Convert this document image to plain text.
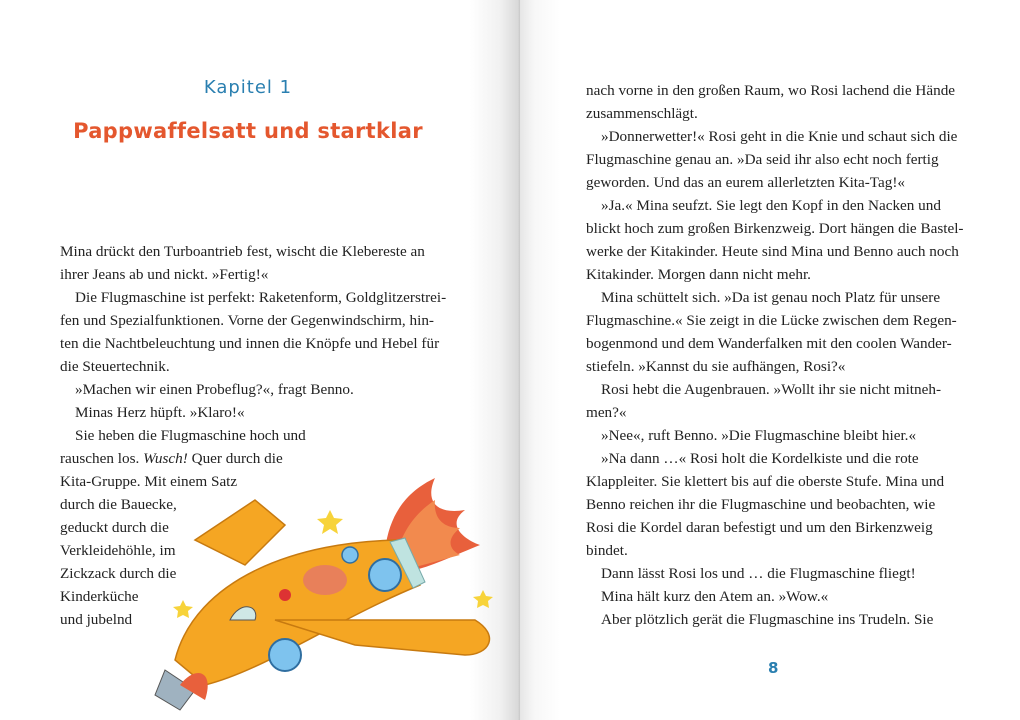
Kapitel 1
Pappwaffelsatt und startklar
Mina drückt den Turboantrieb fest, wischt die Klebereste an
ihrer Jeans ab und nickt. »Fertig!«
Die Flugmaschine ist perfekt: Raketenform, Goldglitzerstrei-
fen und Spezialfunktionen. Vorne der Gegenwindschirm, hin-
ten die Nachtbeleuchtung und innen die Knöpfe und Hebel für
die Steuertechnik.
»Machen wir einen Probeflug?«, fragt Benno.
Minas Herz hüpft. »Klaro!«
Sie heben die Flugmaschine hoch und
rauschen los. Wusch! Quer durch die
Kita-Gruppe. Mit einem Satz
durch die Bauecke,
geduckt durch die
Verkleidehöhle, im
Zickzack durch die
Kinderküche
und jubelnd
nach vorne in den großen Raum, wo Rosi lachend die Hände
zusammenschlägt.
»Donnerwetter!« Rosi geht in die Knie und schaut sich die
Flugmaschine genau an. »Da seid ihr also echt noch fertig
geworden. Und das an eurem allerletzten Kita-Tag!«
»Ja.« Mina seufzt. Sie legt den Kopf in den Nacken und
blickt hoch zum großen Birkenzweig. Dort hängen die Bastel-
werke der Kitakinder. Heute sind Mina und Benno auch noch
Kitakinder. Morgen dann nicht mehr.
Mina schüttelt sich. »Da ist genau noch Platz für unsere
Flugmaschine.« Sie zeigt in die Lücke zwischen dem Regen-
bogenmond und dem Wanderfalken mit den coolen Wander-
stiefeln. »Kannst du sie aufhängen, Rosi?«
Rosi hebt die Augenbrauen. »Wollt ihr sie nicht mitneh-
men?«
»Nee«, ruft Benno. »Die Flugmaschine bleibt hier.«
»Na dann …« Rosi holt die Kordelkiste und die rote
Klappleiter. Sie klettert bis auf die oberste Stufe. Mina und
Benno reichen ihr die Flugmaschine und beobachten, wie
Rosi die Kordel daran befestigt und um den Birkenzweig
bindet.
Dann lässt Rosi los und … die Flugmaschine fliegt!
Mina hält kurz den Atem an. »Wow.«
Aber plötzlich gerät die Flugmaschine ins Trudeln. Sie
8
